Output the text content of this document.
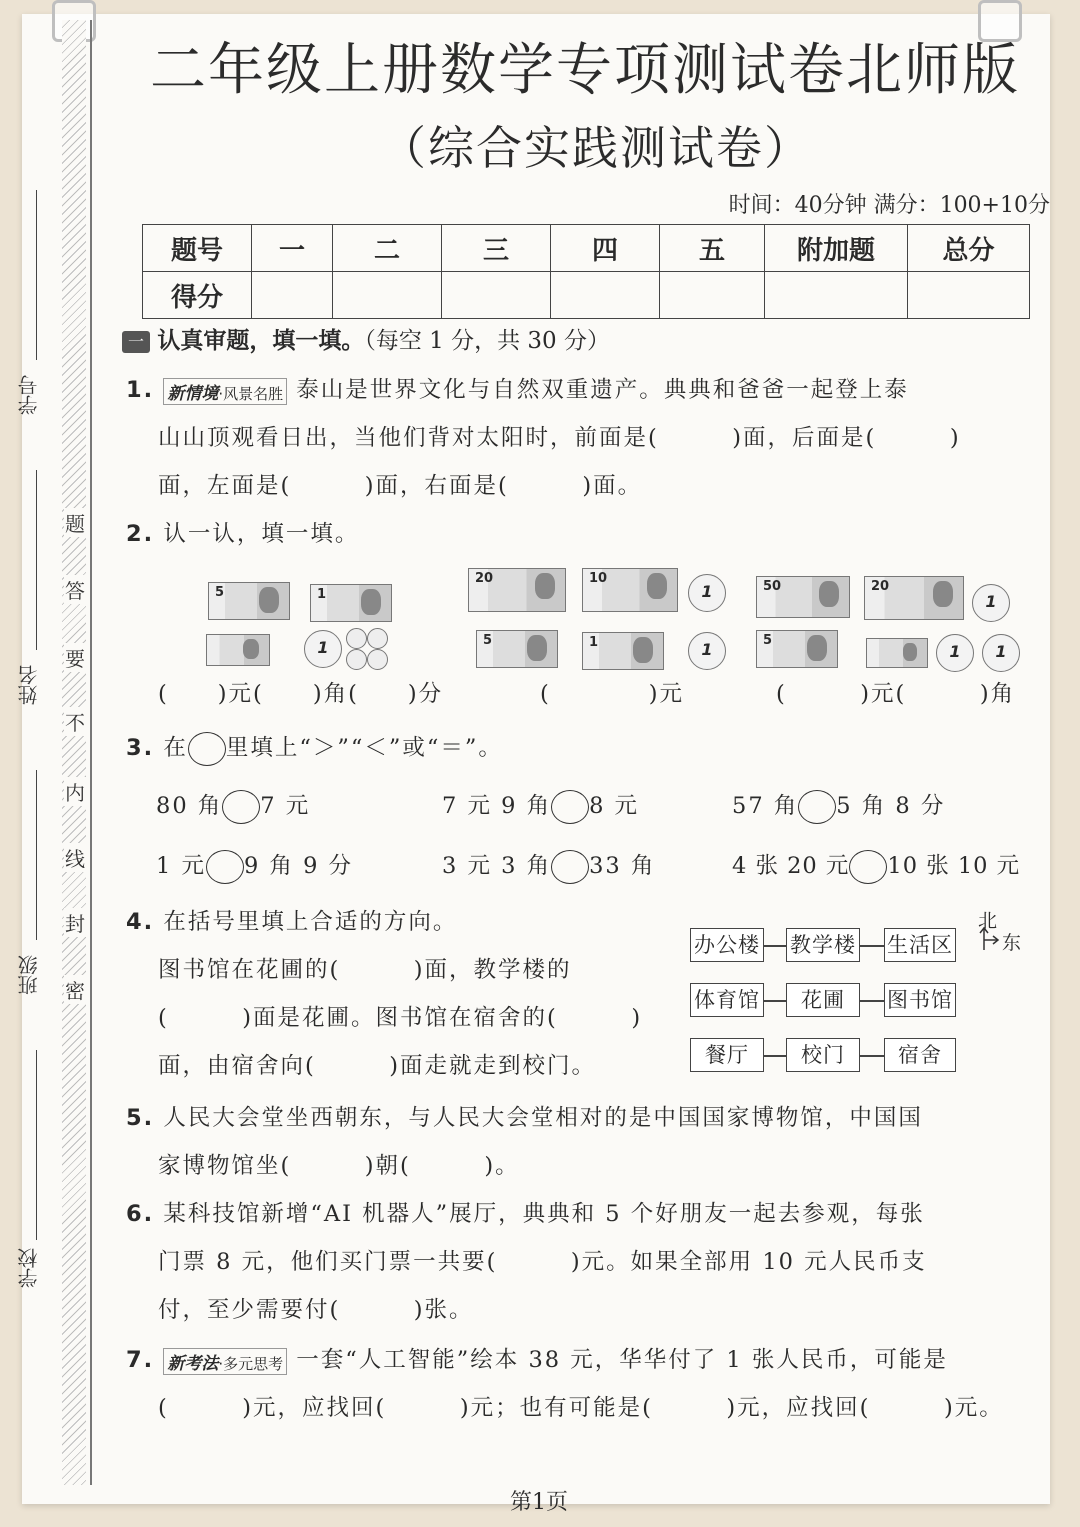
学号
姓名
班级
学校
密
封
线
内
不
要
答
题
二年级上册数学专项测试卷北师版
（综合实践测试卷）
时间：40分钟 满分：100+10分
题号	一	二	三	四	五	附加题	总分
得分							
一 认真审题，填一填。（每空 1 分，共 30 分）
1. 新情境·风景名胜 泰山是世界文化与自然双重遗产。典典和爸爸一起登上泰
山山顶观看日出，当他们背对太阳时，前面是(　　　)面，后面是(　　　)
面，左面是(　　　)面，右面是(　　　)面。
2. 认一认，填一填。
5	1
1
(　　)元(　　)角(　　)分
20	10
1
5	1	1
(　　　　)元
50	20
1
5
1	1
(　　　)元(　　　)角
3. 在 里填上“＞”“＜”或“＝”。
80 角 7 元	7 元 9 角 8 元	57 角 5 角 8 分
1 元 9 角 9 分	3 元 3 角 33 角	4 张 20 元 10 张 10 元
4. 在括号里填上合适的方向。
图书馆在花圃的(　　　)面，教学楼的
(　　　)面是花圃。图书馆在宿舍的(　　　)
面，由宿舍向(　　　)面走就走到校门。
办公楼 教学楼 生活区
体育馆	花圃	图书馆
餐厅	校门	宿舍
北
东
5. 人民大会堂坐西朝东，与人民大会堂相对的是中国国家博物馆，中国国
家博物馆坐(　　　)朝(　　　)。
6. 某科技馆新增“AI 机器人”展厅，典典和 5 个好朋友一起去参观，每张
门票 8 元，他们买门票一共要(　　　)元。如果全部用 10 元人民币支
付，至少需要付(　　　)张。
7. 新考法·多元思考 一套“人工智能”绘本 38 元，华华付了 1 张人民币，可能是
(　　　)元，应找回(　　　)元；也有可能是(　　　)元，应找回(　　　)元。
第1页
